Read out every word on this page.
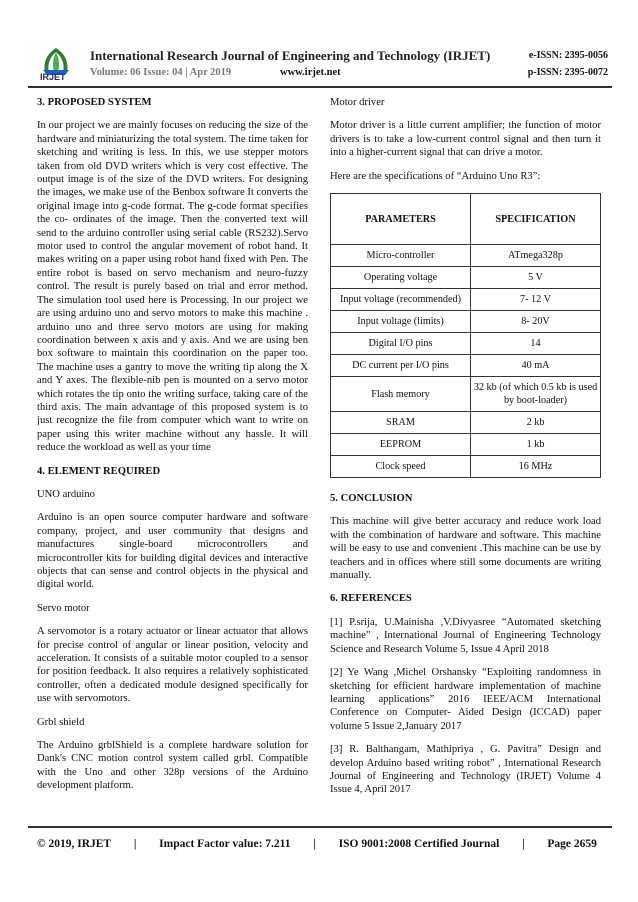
IRJET
International Research Journal of Engineering and Technology (IRJET)	e-ISSN: 2395-0056
Volume: 06 Issue: 04 | Apr 2019	www.irjet.net	p-ISSN: 2395-0072
3. PROPOSED SYSTEM

In our project we are mainly focuses on reducing the size of the hardware and miniaturizing the total system. The time taken for sketching and writing is less. In this, we use stepper motors taken from old DVD writers which is very cost effective. The output image is of the size of the DVD writers. For designing the images, we make use of the Benbox software It converts the original image into g-code format. The g-code format specifies the co- ordinates of the image. Then the converted text will send to the arduino controller using serial cable (RS232).Servo motor used to control the angular movement of robot hand. It makes writing on a paper using robot hand fixed with Pen. The entire robot is based on servo mechanism and neuro-fuzzy control. The result is purely based on trial and error method. The simulation tool used here is Processing. In our project we are using arduino uno and servo motors to make this machine . arduino uno and three servo motors are using for making coordination between x axis and y axis. And we are using ben box software to maintain this coordination on the paper too. The machine uses a gantry to move the writing tip along the X and Y axes. The flexible-nib pen is mounted on a servo motor which rotates the tip onto the writing surface, taking care of the third axis. The main advantage of this proposed system is to just recognize the file from computer which want to write on paper using this writer machine without any hassle. It will reduce the workload as well as your time

4. ELEMENT REQUIRED
UNO arduino

Arduino is an open source computer hardware and software company, project, and user community that designs and manufactures single-board microcontrollers and microcontroller kits for building digital devices and interactive objects that can sense and control objects in the physical and digital world.

Servo motor

A servomotor is a rotary actuator or linear actuator that allows for precise control of angular or linear position, velocity and acceleration. It consists of a suitable motor coupled to a sensor for position feedback. It also requires a relatively sophisticated controller, often a dedicated module designed specifically for use with servomotors.

Grbl shield

The Arduino grblShield is a complete hardware solution for Dank's CNC motion control system called grbl. Compatible with the Uno and other 328p versions of the Arduino development platform.

Motor driver

Motor driver is a little current amplifier; the function of motor drivers is to take a low-current control signal and then turn it into a higher-current signal that can drive a motor.

Here are the specifications of “Arduino Uno R3”:

PARAMETERS	SPECIFICATION
Micro-controller	ATmega328p
Operating voltage	5 V
Input voltage (recommended)	7- 12 V
Input voltage (limits)	8- 20V
Digital I/O pins	14
DC current per I/O pins	40 mA
Flash memory	32 kb (of which 0.5 kb is used by boot-loader)
SRAM	2 kb
EEPROM	1 kb
Clock speed	16 MHz
5. CONCLUSION

This machine will give better accuracy and reduce work load with the combination of hardware and software. This machine will be easy to use and convenient .This machine can be use by teachers and in offices where still some documents are writing manually.

6. REFERENCES

[1] P.srija, U.Mainisha ,V.Divyasree “Automated sketching machine” , International Journal of Engineering Technology Science and Research Volume 5, Issue 4 April 2018

[2] Ye Wang ,Michel Orshansky “Exploiting randomness in sketching for efficient hardware implementation of machine learning applications” 2016 IEEE/ACM International Conference on Computer- Aided Design (ICCAD) paper volume 5 Issue 2,January 2017

[3] R. Balthangam, Mathipriya , G. Pavitra” Design and develop Arduino based writing robot” , International Research Journal of Engineering and Technology (IRJET) Volume 4 Issue 4, April 2017

© 2019, IRJET | Impact Factor value: 7.211 | ISO 9001:2008 Certified Journal | Page 2659
